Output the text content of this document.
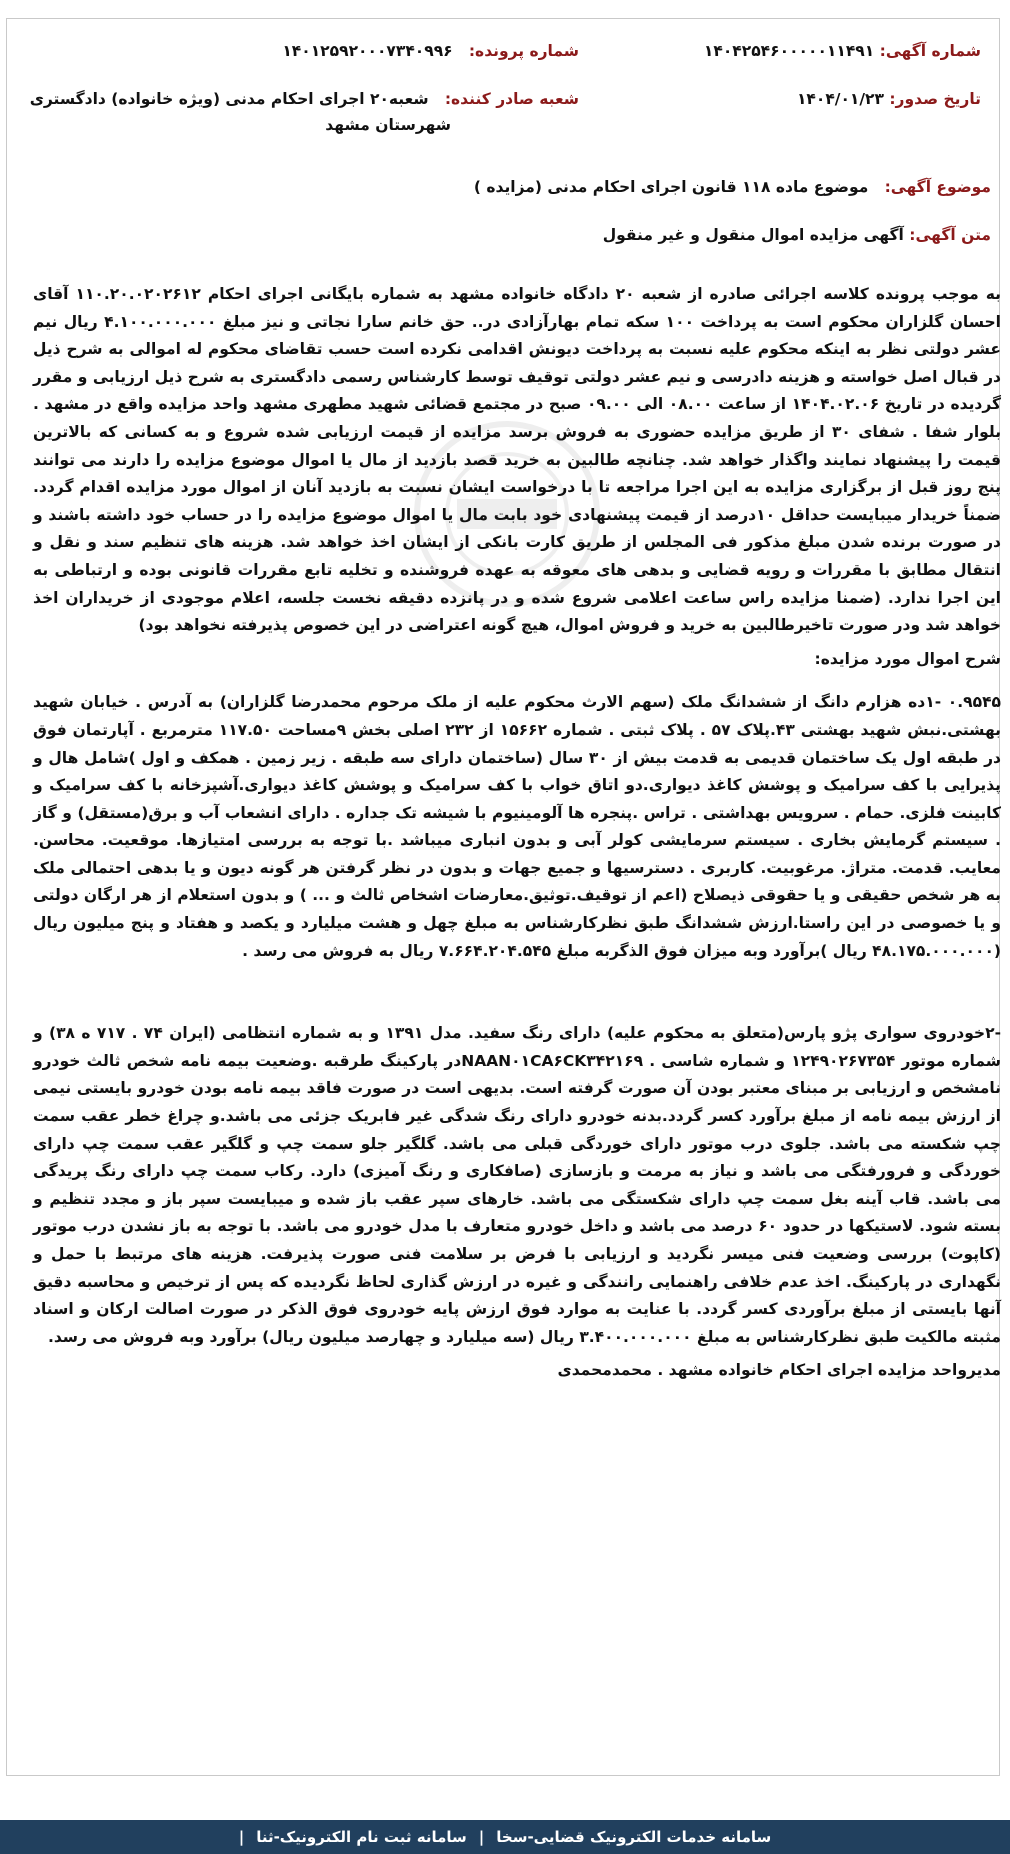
شماره آگهی: ۱۴۰۴۲۵۴۶۰۰۰۰۰۱۱۴۹۱
شماره پرونده:   ۱۴۰۱۲۵۹۲۰۰۰۷۳۴۰۹۹۶
تاریخ صدور: ۱۴۰۴/۰۱/۲۳
شعبه صادر کننده:   شعبه۲۰ اجرای احکام مدنی (ویژه خانواده) دادگستری
شهرستان مشهد
موضوع آگهی:   موضوع ماده ۱۱۸ قانون اجرای احکام مدنی (مزایده )
متن آگهی: آگهی مزایده اموال منقول و غیر منقول

به موجب پرونده کلاسه اجرائی صادره از شعبه ۲۰ دادگاه خانواده مشهد به شماره بایگانی اجرای احکام ۱۱۰.۲۰.۰۲۰۲۶۱۲ آقای احسان گلزاران محکوم است به پرداخت ۱۰۰ سکه تمام بهارآزادی در.. حق خانم سارا نجاتی و نیز مبلغ ۴.۱۰۰.۰۰۰.۰۰۰ ریال نیم عشر دولتی نظر به اینکه محکوم علیه نسبت به پرداخت دیونش اقدامی نکرده است حسب تقاضای محکوم له اموالی به شرح ذیل در قبال اصل خواسته و هزینه دادرسی و نیم عشر دولتی توقیف توسط کارشناس رسمی دادگستری به شرح ذیل ارزیابی و مقرر گردیده در تاریخ ۱۴۰۴.۰۲.۰۶ از ساعت ۰۸.۰۰ الی ۰۹.۰۰ صبح در مجتمع قضائی شهید مطهری مشهد واحد مزایده واقع در مشهد . بلوار شفا . شفای ۳۰ از طریق مزایده حضوری به فروش برسد مزایده از قیمت ارزیابی شده شروع و به کسانی که بالاترین قیمت را پیشنهاد نمایند واگذار خواهد شد. چنانچه طالبین به خرید قصد بازدید از مال یا اموال موضوع مزایده را دارند می توانند پنج روز قبل از برگزاری مزایده به این اجرا مراجعه تا با درخواست ایشان نسبت به بازدید آنان از اموال مورد مزایده اقدام گردد. ضمناً خریدار میبایست حداقل ۱۰درصد از قیمت پیشنهادی خود بابت مال یا اموال موضوع مزایده را در حساب خود داشته باشند و در صورت برنده شدن مبلغ مذکور فی المجلس از طریق کارت بانکی از ایشان اخذ خواهد شد. هزینه های تنظیم سند و نقل و انتقال مطابق با مقررات و رویه قضایی و بدهی های معوقه به عهده فروشنده و تخلیه تابع مقررات قانونی بوده و ارتباطی به این اجرا ندارد. (ضمنا مزایده راس ساعت اعلامی شروع شده و در پانزده دقیقه نخست جلسه، اعلام موجودی از خریداران اخذ خواهد شد ودر صورت تاخیرطالبین به خرید و فروش اموال، هیچ گونه اعتراضی در این خصوص پذیرفته نخواهد بود)

شرح اموال مورد مزایده:

۰.۹۵۴۵ -۱ده هزارم دانگ از ششدانگ ملک (سهم الارث محکوم علیه از ملک مرحوم محمدرضا گلزاران) به آدرس . خیابان شهید بهشتی.نبش شهید بهشتی ۴۳.پلاک ۵۷ . پلاک ثبتی . شماره ۱۵۶۶۲ از ۲۳۲ اصلی بخش ۹مساحت ۱۱۷.۵۰ مترمربع . آپارتمان فوق در طبقه اول یک ساختمان قدیمی به قدمت بیش از ۳۰ سال (ساختمان دارای سه طبقه . زیر زمین . همکف و اول )شامل هال و پذیرایی با کف سرامیک و پوشش کاغذ دیواری.دو اتاق خواب با کف سرامیک و پوشش کاغذ دیواری.آشپزخانه با کف سرامیک و کابینت فلزی. حمام . سرویس بهداشتی . تراس .پنجره ها آلومینیوم با شیشه تک جداره . دارای انشعاب آب و برق(مستقل) و گاز . سیستم گرمایش بخاری . سیستم سرمایشی کولر آبی و بدون انباری میباشد .با توجه به بررسی امتیازها. موقعیت. محاسن. معایب. قدمت. متراژ. مرغوبیت. کاربری . دسترسیها و جمیع جهات و بدون در نظر گرفتن هر گونه دیون و یا بدهی احتمالی ملک به هر شخص حقیقی و یا حقوقی ذیصلاح (اعم از توقیف.توثیق.معارضات اشخاص ثالث و ... ) و بدون استعلام از هر ارگان دولتی و یا خصوصی در این راستا.ارزش ششدانگ طبق نظرکارشناس به مبلغ چهل و هشت میلیارد و یکصد و هفتاد و پنج میلیون ریال (۴۸.۱۷۵.۰۰۰.۰۰۰ ریال )برآورد وبه میزان فوق الذگربه مبلغ ۷.۶۶۴.۲۰۴.۵۴۵ ریال به فروش می رسد .

-۲خودروی سواری پژو پارس(متعلق به محکوم علیه) دارای رنگ سفید. مدل ۱۳۹۱ و به شماره انتظامی (ایران ۷۴ . ۷۱۷ ه ۳۸) و شماره موتور ۱۲۴۹۰۲۶۷۳۵۴ و شماره شاسی . NAAN۰۱CA۶CK۳۴۲۱۶۹در پارکینگ طرقبه .وضعیت بیمه نامه شخص ثالث خودرو نامشخص و ارزیابی بر مبنای معتبر بودن آن صورت گرفته است. بدیهی است در صورت فاقد بیمه نامه بودن خودرو بایستی نیمی از ارزش بیمه نامه از مبلغ برآورد کسر گردد.بدنه خودرو دارای رنگ شدگی غیر فابریک جزئی می باشد.و چراغ خطر عقب سمت چپ شکسته می باشد. جلوی درب موتور دارای خوردگی قبلی می باشد. گلگیر جلو سمت چپ و گلگیر عقب سمت چپ دارای خوردگی و فرورفتگی می باشد و نیاز به مرمت و بازسازی (صافکاری و رنگ آمیزی) دارد. رکاب سمت چپ دارای رنگ پریدگی می باشد. قاب آینه بغل سمت چپ دارای شکستگی می باشد. خارهای سپر عقب باز شده و میبایست سپر باز و مجدد تنظیم و بسته شود. لاستیکها در حدود ۶۰ درصد می باشد و داخل خودرو متعارف با مدل خودرو می باشد. با توجه به باز نشدن درب موتور (کاپوت) بررسی وضعیت فنی میسر نگردید و ارزیابی با فرض بر سلامت فنی صورت پذیرفت. هزینه های مرتبط با حمل و نگهداری در پارکینگ. اخذ عدم خلافی راهنمایی رانندگی و غیره در ارزش گذاری لحاظ نگردیده که پس از ترخیص و محاسبه دقیق آنها بایستی از مبلغ برآوردی کسر گردد. با عنایت به موارد فوق ارزش پایه خودروی فوق الذکر در صورت اصالت ارکان و اسناد مثبته مالکیت طبق نظرکارشناس به مبلغ ۳.۴۰۰.۰۰۰.۰۰۰ ریال (سه میلیارد و چهارصد میلیون ریال) برآورد وبه فروش می رسد.

مدیرواحد مزایده اجرای احکام خانواده مشهد . محمدمحمدی

سامانه خدمات الکترونیک قضایی-سخا
|
سامانه ثبت نام الکترونیک-ثنا
|
